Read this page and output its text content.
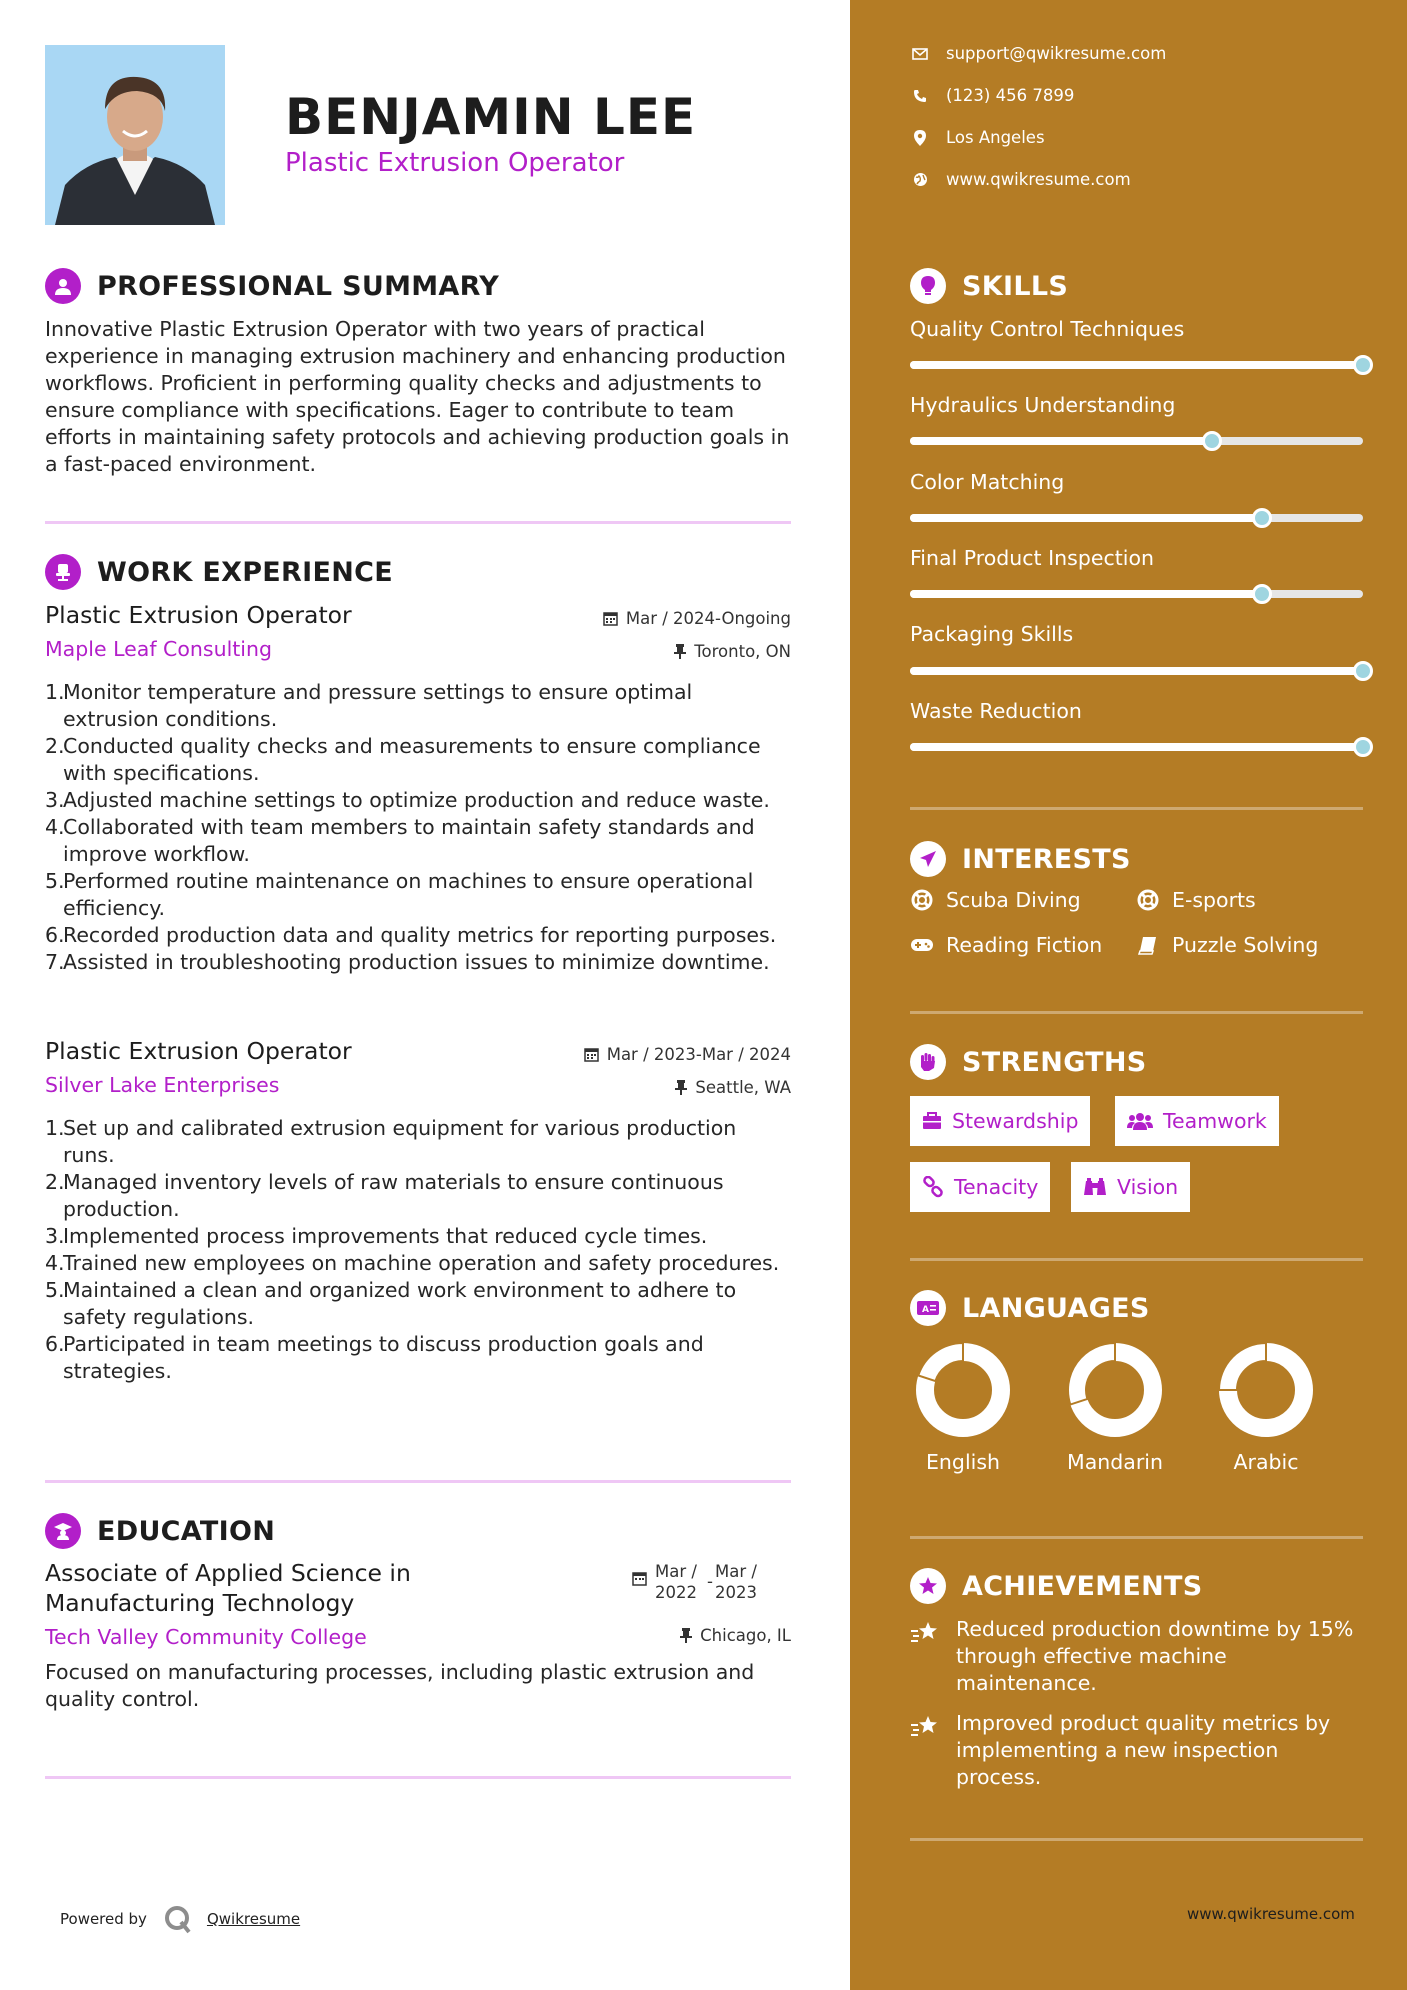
BENJAMIN LEE
Plastic Extrusion Operator
PROFESSIONAL SUMMARY

Innovative Plastic Extrusion Operator with two years of practical experience in managing extrusion machinery and enhancing production workflows. Proficient in performing quality checks and adjustments to ensure compliance with specifications. Eager to contribute to team efforts in maintaining safety protocols and achieving production goals in a fast-paced environment.

WORK EXPERIENCE
Plastic Extrusion Operator
Maple Leaf Consulting
Mar / 2024-Ongoing
Toronto, ON
1.
Monitor temperature and pressure settings to ensure optimal extrusion conditions.
2.
Conducted quality checks and measurements to ensure compliance with specifications.
3.
Adjusted machine settings to optimize production and reduce waste.
4.
Collaborated with team members to maintain safety standards and improve workflow.
5.
Performed routine maintenance on machines to ensure operational efficiency.
6.
Recorded production data and quality metrics for reporting purposes.
7.
Assisted in troubleshooting production issues to minimize downtime.
Plastic Extrusion Operator
Silver Lake Enterprises
Mar / 2023-Mar / 2024
Seattle, WA
1.
Set up and calibrated extrusion equipment for various production runs.
2.
Managed inventory levels of raw materials to ensure continuous production.
3.
Implemented process improvements that reduced cycle times.
4.
Trained new employees on machine operation and safety procedures.
5.
Maintained a clean and organized work environment to adhere to safety regulations.
6.
Participated in team meetings to discuss production goals and strategies.
EDUCATION
Associate of Applied Science in Manufacturing Technology
Tech Valley Community College
Mar / 2022
-
Mar / 2023
Chicago, IL

Focused on manufacturing processes, including plastic extrusion and quality control.

Powered by	Qwikresume
support@qwikresume.com
(123) 456 7899
Los Angeles
www.qwikresume.com
SKILLS
Quality Control Techniques
Hydraulics Understanding
Color Matching
Final Product Inspection
Packaging Skills
Waste Reduction
INTERESTS
Scuba Diving	E-sports
Reading Fiction	Puzzle Solving
STRENGTHS
Stewardship	Teamwork
Tenacity	Vision
A LANGUAGES
English	Mandarin	Arabic
ACHIEVEMENTS
Reduced production downtime by 15% through effective machine maintenance.
Improved product quality metrics by implementing a new inspection process.
www.qwikresume.com
